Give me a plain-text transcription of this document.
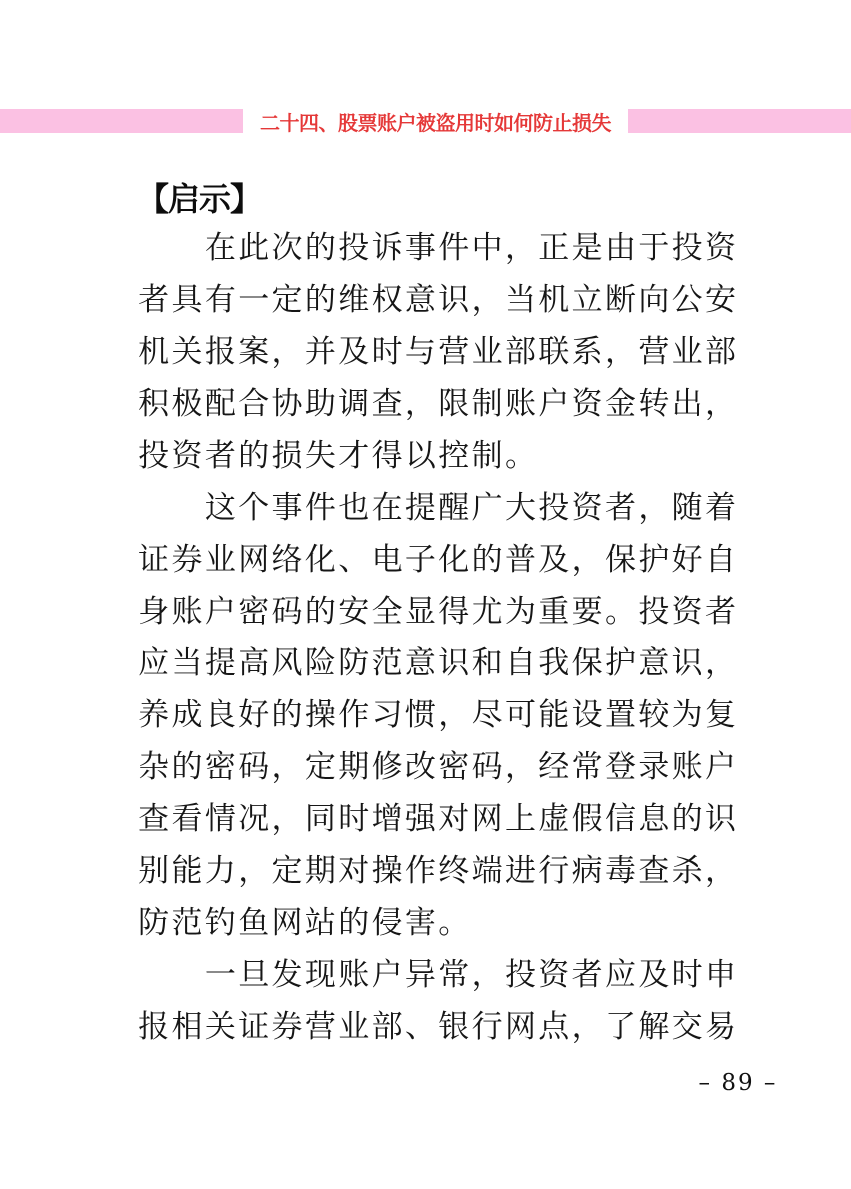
二十四、股票账户被盗用时如何防止损失
【启示】
在 此 次 的 投 诉 事 件 中 ， 正 是 由 于 投 资
者 具 有 一 定 的 维 权 意 识 ， 当 机 立 断 向 公 安
机 关 报 案 ， 并 及 时 与 营 业 部 联 系 ， 营 业 部
积 极 配 合 协 助 调 查 ， 限 制 账 户 资 金 转 出 ，
投 资 者 的 损 失 才 得 以 控 制 。
这 个 事 件 也 在 提 醒 广 大 投 资 者 ， 随 着
证 券 业 网 络 化 、 电 子 化 的 普 及 ， 保 护 好 自
身 账 户 密 码 的 安 全 显 得 尤 为 重 要 。 投 资 者
应 当 提 高 风 险 防 范 意 识 和 自 我 保 护 意 识 ，
养 成 良 好 的 操 作 习 惯 ， 尽 可 能 设 置 较 为 复
杂 的 密 码 ， 定 期 修 改 密 码 ， 经 常 登 录 账 户
查 看 情 况 ， 同 时 增 强 对 网 上 虚 假 信 息 的 识
别 能 力 ， 定 期 对 操 作 终 端 进 行 病 毒 查 杀 ，
防 范 钓 鱼 网 站 的 侵 害 。
一 旦 发 现 账 户 异 常 ， 投 资 者 应 及 时 申
报 相 关 证 券 营 业 部 、 银 行 网 点 ， 了 解 交 易
– 89 –
